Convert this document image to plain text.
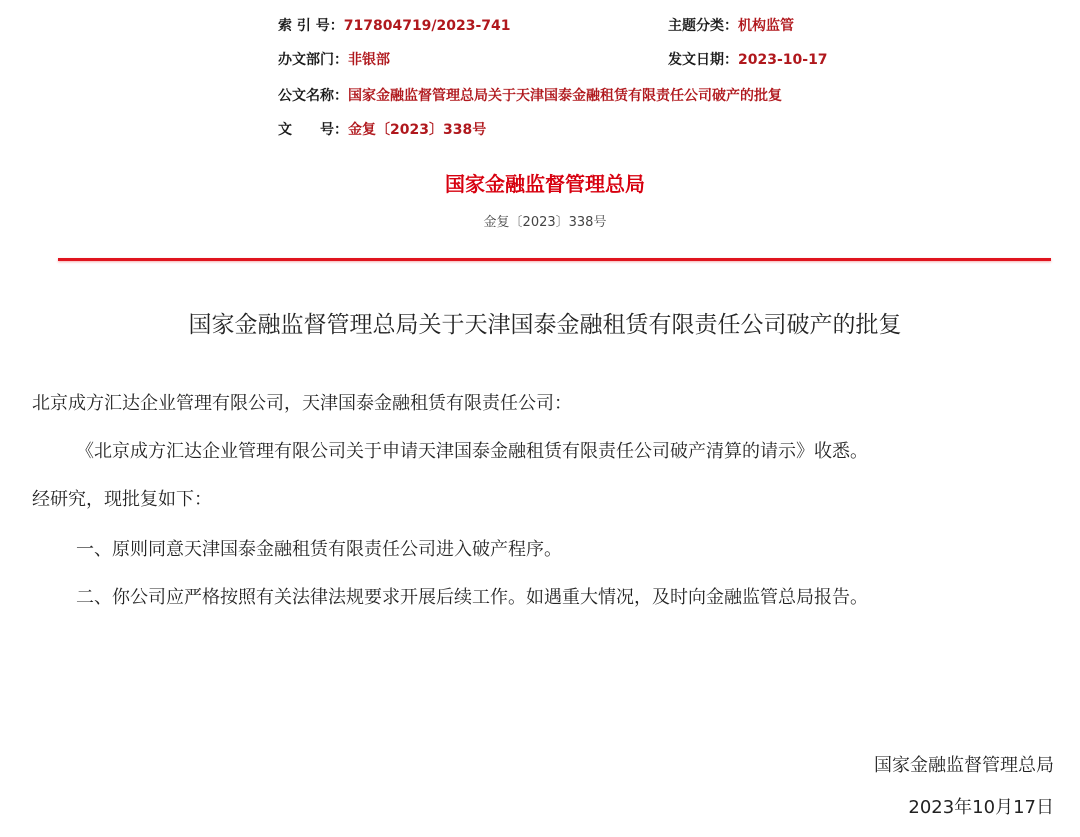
索 引 号：717804719/2023-741	主题分类：机构监管
办文部门：非银部	发文日期：2023-10-17
公文名称：国家金融监督管理总局关于天津国泰金融租赁有限责任公司破产的批复
文　　号：金复〔2023〕338号
国家金融监督管理总局
金复〔2023〕338号
国家金融监督管理总局关于天津国泰金融租赁有限责任公司破产的批复
北京成方汇达企业管理有限公司，天津国泰金融租赁有限责任公司：
《北京成方汇达企业管理有限公司关于申请天津国泰金融租赁有限责任公司破产清算的请示》收悉。
经研究，现批复如下：
一、原则同意天津国泰金融租赁有限责任公司进入破产程序。
二、你公司应严格按照有关法律法规要求开展后续工作。如遇重大情况，及时向金融监管总局报告。
国家金融监督管理总局
2023年10月17日
